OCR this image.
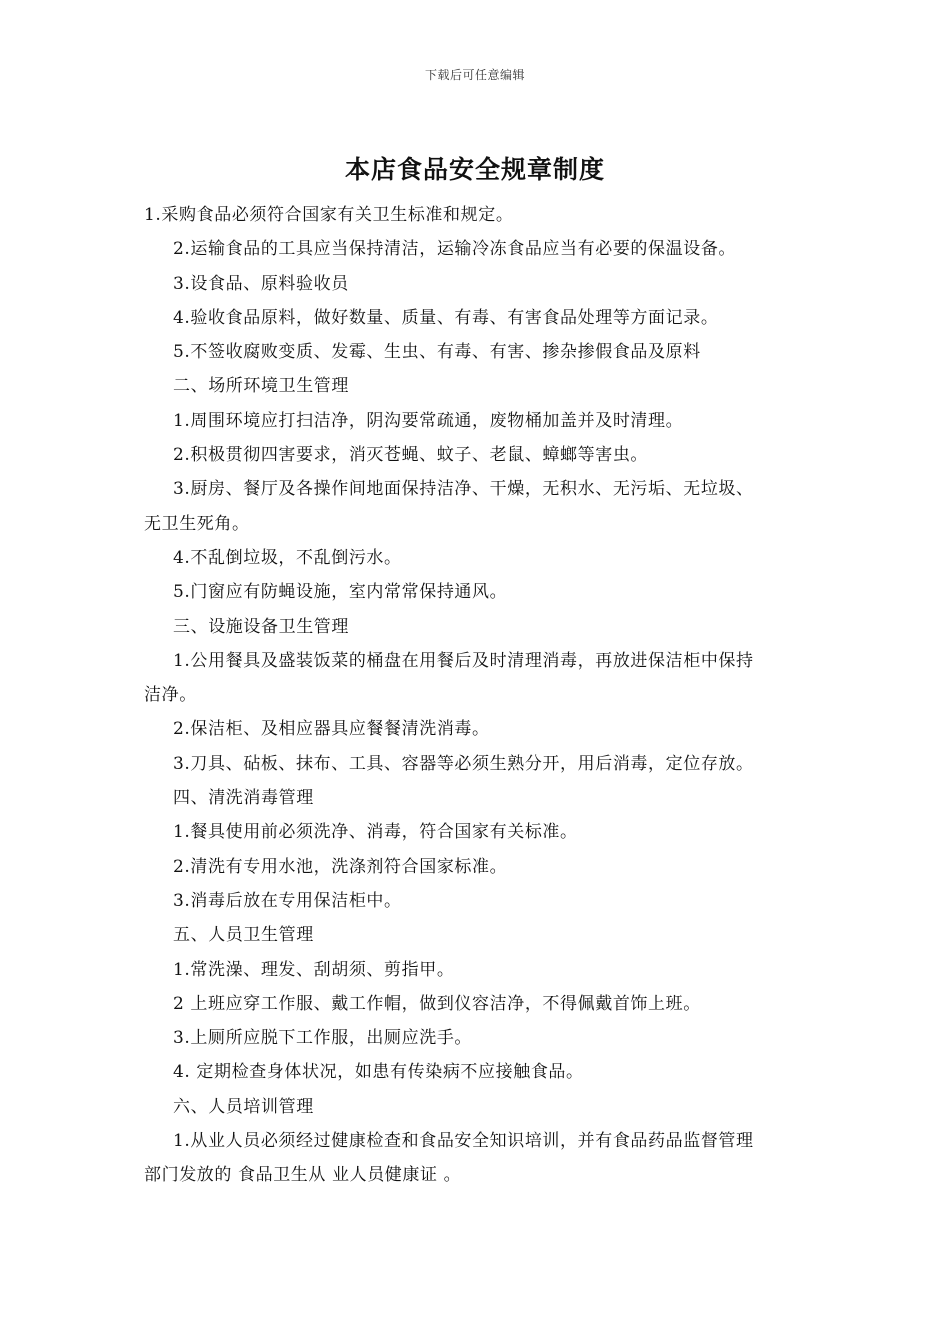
下载后可任意编辑
本店食品安全规章制度
1.采购食品必须符合国家有关卫生标准和规定。
2.运输食品的工具应当保持清洁，运输冷冻食品应当有必要的保温设备。
3.设食品、原料验收员
4.验收食品原料，做好数量、质量、有毒、有害食品处理等方面记录。
5.不签收腐败变质、发霉、生虫、有毒、有害、掺杂掺假食品及原料
二、场所环境卫生管理
1.周围环境应打扫洁净，阴沟要常疏通，废物桶加盖并及时清理。
2.积极贯彻四害要求，消灭苍蝇、蚊子、老鼠、蟑螂等害虫。
3.厨房、餐厅及各操作间地面保持洁净、干燥，无积水、无污垢、无垃圾、
无卫生死角。
4.不乱倒垃圾，不乱倒污水。
5.门窗应有防蝇设施，室内常常保持通风。
三、设施设备卫生管理
1.公用餐具及盛装饭菜的桶盘在用餐后及时清理消毒，再放进保洁柜中保持
洁净。
2.保洁柜、及相应器具应餐餐清洗消毒。
3.刀具、砧板、抹布、工具、容器等必须生熟分开，用后消毒，定位存放。
四、清洗消毒管理
1.餐具使用前必须洗净、消毒，符合国家有关标准。
2.清洗有专用水池，洗涤剂符合国家标准。
3.消毒后放在专用保洁柜中。
五、人员卫生管理
1.常洗澡、理发、刮胡须、剪指甲。
2 上班应穿工作服、戴工作帽，做到仪容洁净，不得佩戴首饰上班。
3.上厕所应脱下工作服，出厕应洗手。
4. 定期检查身体状况，如患有传染病不应接触食品。
六、人员培训管理
1.从业人员必须经过健康检查和食品安全知识培训，并有食品药品监督管理
部门发放的 食品卫生从 业人员健康证 。
